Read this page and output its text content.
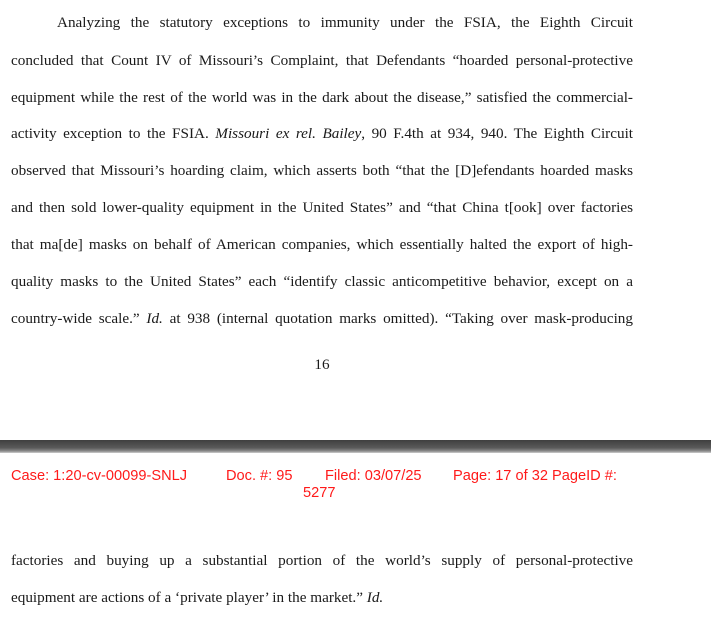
Analyzing the statutory exceptions to immunity under the FSIA, the Eighth Circuit
concluded that Count IV of Missouri’s Complaint, that Defendants “hoarded personal-protective
equipment while the rest of the world was in the dark about the disease,” satisfied the commercial-
activity exception to the FSIA. Missouri ex rel. Bailey, 90 F.4th at 934, 940. The Eighth Circuit
observed that Missouri’s hoarding claim, which asserts both “that the [D]efendants hoarded masks
and then sold lower-quality equipment in the United States” and “that China t[ook] over factories
that ma[de] masks on behalf of American companies, which essentially halted the export of high-
quality masks to the United States” each “identify classic anticompetitive behavior, except on a
country-wide scale.” Id. at 938 (internal quotation marks omitted). “Taking over mask-producing
16
Case: 1:20-cv-00099-SNLJ	Doc. #: 95	Filed: 03/07/25	Page: 17 of 32 PageID #:
5277
factories and buying up a substantial portion of the world’s supply of personal-protective
equipment are actions of a ‘private player’ in the market.” Id.
